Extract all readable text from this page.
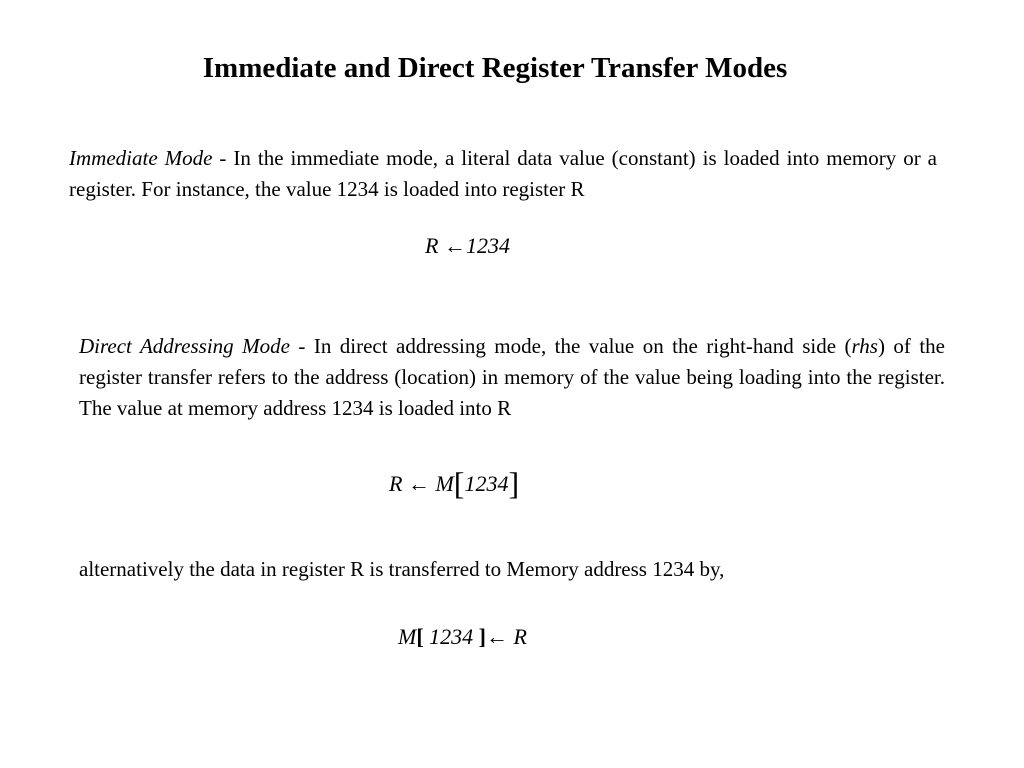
Immediate and Direct Register Transfer Modes

Immediate Mode - In the immediate mode, a literal data value (constant) is loaded into memory or a register. For instance, the value 1234 is loaded into register R

R ←1234

Direct Addressing Mode - In direct addressing mode, the value on the right-hand side (rhs) of the register transfer refers to the address (location) in memory of the value being loading into the register. The value at memory address 1234 is loaded into R

R ← M[1234]

alternatively the data in register R is transferred to Memory address 1234 by,

M[ 1234 ]← R
